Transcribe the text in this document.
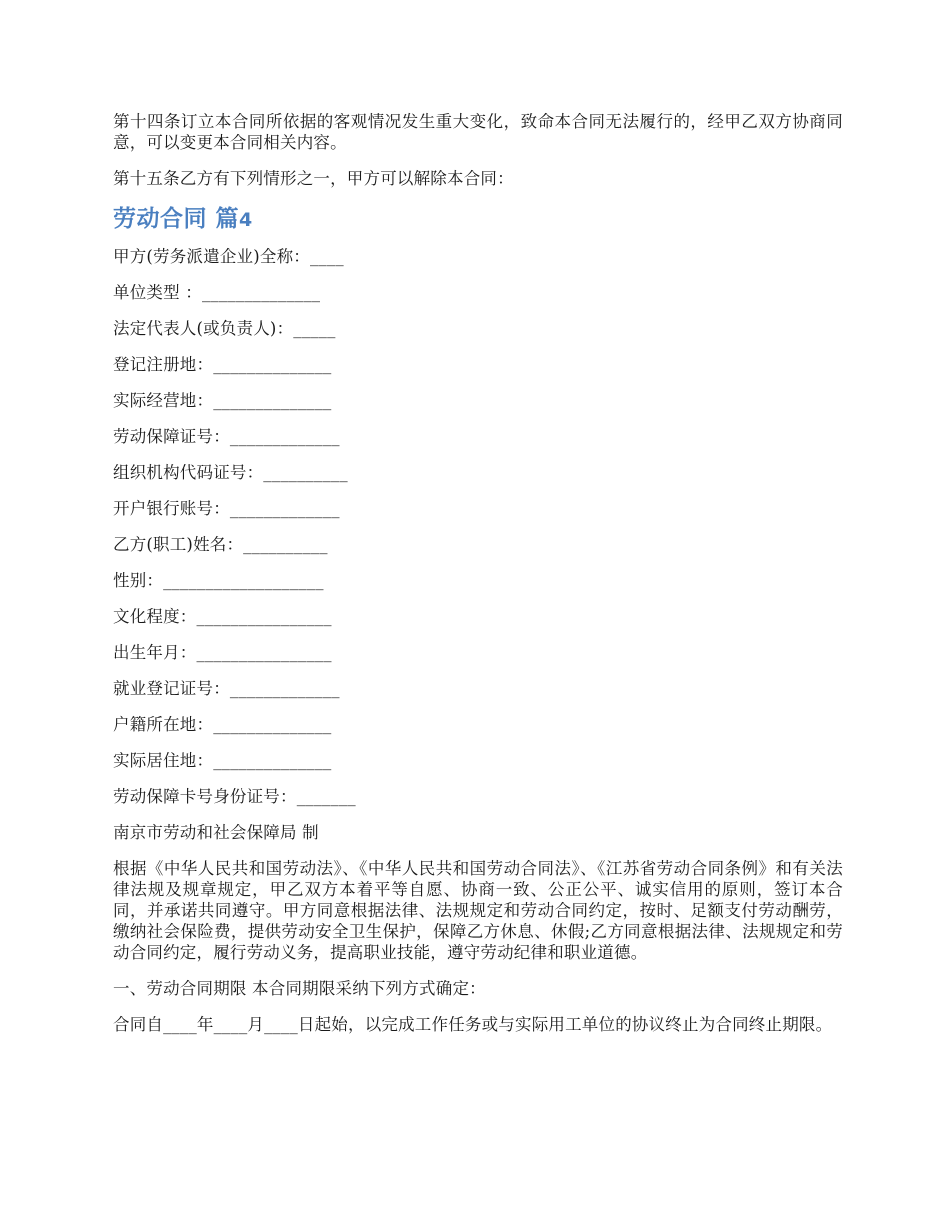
第十四条订立本合同所依据的客观情况发生重大变化，致命本合同无法履行的，经甲乙双方协商同意，可以变更本合同相关内容。

第十五条乙方有下列情形之一，甲方可以解除本合同：

劳动合同 篇4
甲方(劳务派遣企业)全称：____
单位类型 ：______________
法定代表人(或负责人)：_____
登记注册地：______________
实际经营地：______________
劳动保障证号：_____________
组织机构代码证号：__________
开户银行账号：_____________
乙方(职工)姓名：__________
性别：___________________
文化程度：________________
出生年月：________________
就业登记证号：_____________
户籍所在地：______________
实际居住地：______________
劳动保障卡号身份证号：_______
南京市劳动和社会保障局 制

根据《中华人民共和国劳动法》、《中华人民共和国劳动合同法》、《江苏省劳动合同条例》和有关法律法规及规章规定，甲乙双方本着平等自愿、协商一致、公正公平、诚实信用的原则，签订本合同，并承诺共同遵守。甲方同意根据法律、法规规定和劳动合同约定，按时、足额支付劳动酬劳，缴纳社会保险费，提供劳动安全卫生保护，保障乙方休息、休假;乙方同意根据法律、法规规定和劳动合同约定，履行劳动义务，提高职业技能，遵守劳动纪律和职业道德。

一、劳动合同期限 本合同期限采纳下列方式确定：

合同自____年____月____日起始，以完成工作任务或与实际用工单位的协议终止为合同终止期限。
